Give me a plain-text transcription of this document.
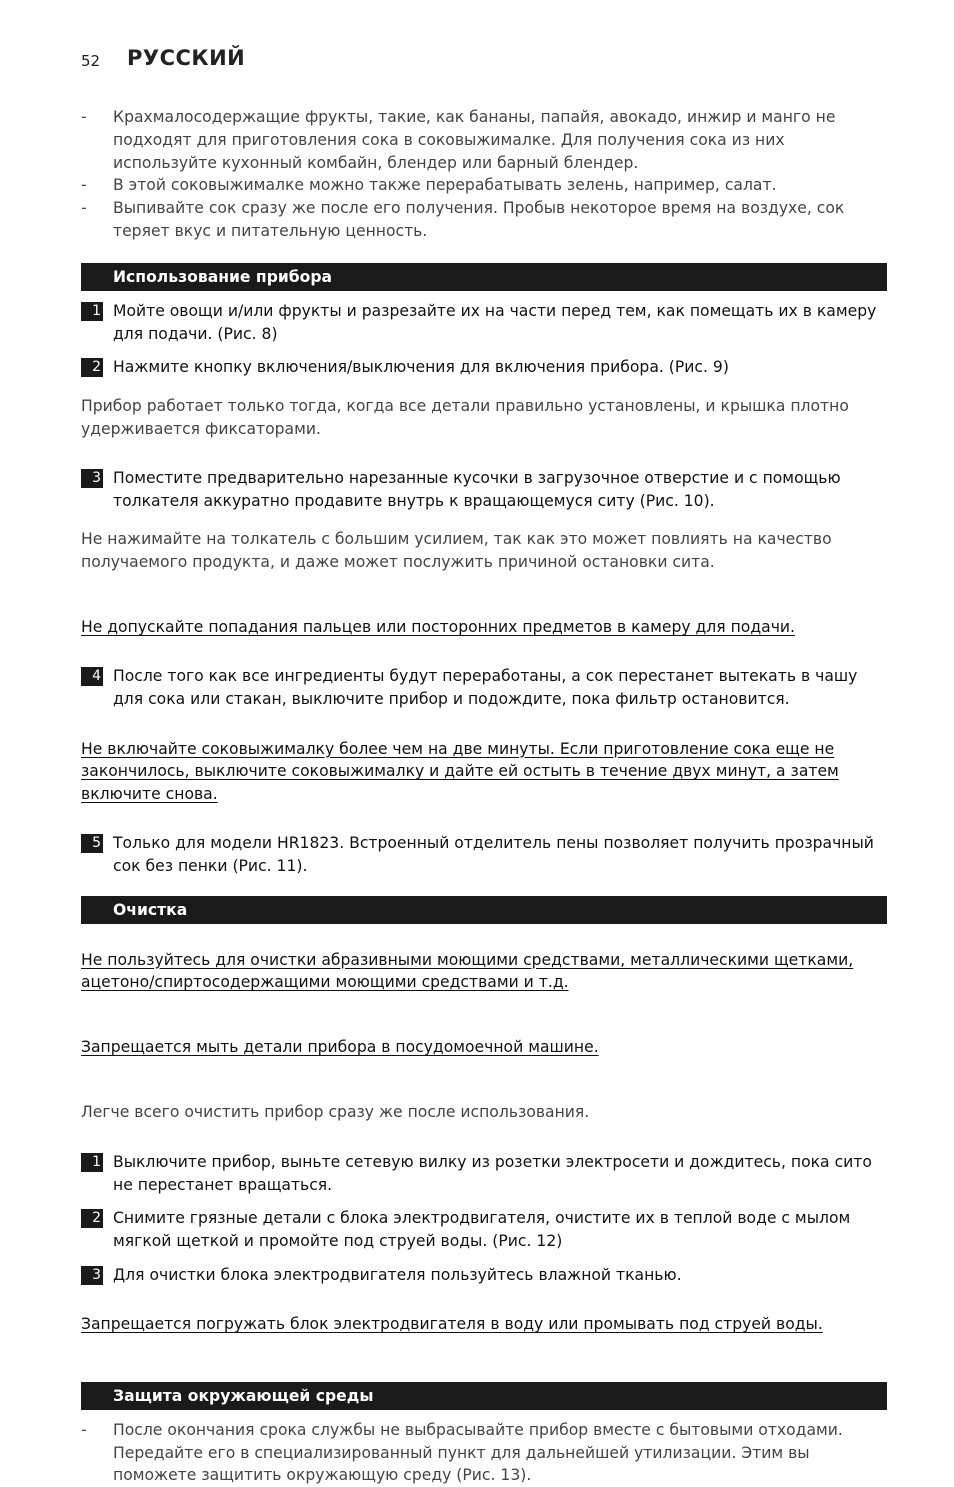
52 РУССКИЙ
- Крахмалосодержащие фрукты, такие, как бананы, папайя, авокадо, инжир и манго не подходят для приготовления сока в соковыжималке. Для получения сока из них используйте кухонный комбайн, блендер или барный блендер.
- В этой соковыжималке можно также перерабатывать зелень, например, салат.
- Выпивайте сок сразу же после его получения. Пробыв некоторое время на воздухе, сок теряет вкус и питательную ценность.
Использование прибора
1 Мойте овощи и/или фрукты и разрезайте их на части перед тем, как помещать их в камеру для подачи. (Рис. 8)
2 Нажмите кнопку включения/выключения для включения прибора. (Рис. 9)

Прибор работает только тогда, когда все детали правильно установлены, и крышка плотно удерживается фиксаторами.

3 Поместите предварительно нарезанные кусочки в загрузочное отверстие и с помощью толкателя аккуратно продавите внутрь к вращающемуся ситу (Рис. 10).

Не нажимайте на толкатель с большим усилием, так как это может повлиять на качество получаемого продукта, и даже может послужить причиной остановки сита.

Не допускайте попадания пальцев или посторонних предметов в камеру для подачи.

4 После того как все ингредиенты будут переработаны, а сок перестанет вытекать в чашу для сока или стакан, выключите прибор и подождите, пока фильтр остановится.

Не включайте соковыжималку более чем на две минуты. Если приготовление сока еще не закончилось, выключите соковыжималку и дайте ей остыть в течение двух минут, а затем включите снова.

5 Только для модели HR1823. Встроенный отделитель пены позволяет получить прозрачный сок без пенки (Рис. 11).
Очистка

Не пользуйтесь для очистки абразивными моющими средствами, металлическими щетками, ацетоно/спиртосодержащими моющими средствами и т.д.

Запрещается мыть детали прибора в посудомоечной машине.

Легче всего очистить прибор сразу же после использования.

1 Выключите прибор, выньте сетевую вилку из розетки электросети и дождитесь, пока сито не перестанет вращаться.
2 Снимите грязные детали с блока электродвигателя, очистите их в теплой воде с мылом мягкой щеткой и промойте под струей воды. (Рис. 12)
3 Для очистки блока электродвигателя пользуйтесь влажной тканью.

Запрещается погружать блок электродвигателя в воду или промывать под струей воды.

Защита окружающей среды
- После окончания срока службы не выбрасывайте прибор вместе с бытовыми отходами. Передайте его в специализированный пункт для дальнейшей утилизации. Этим вы поможете защитить окружающую среду (Рис. 13).
